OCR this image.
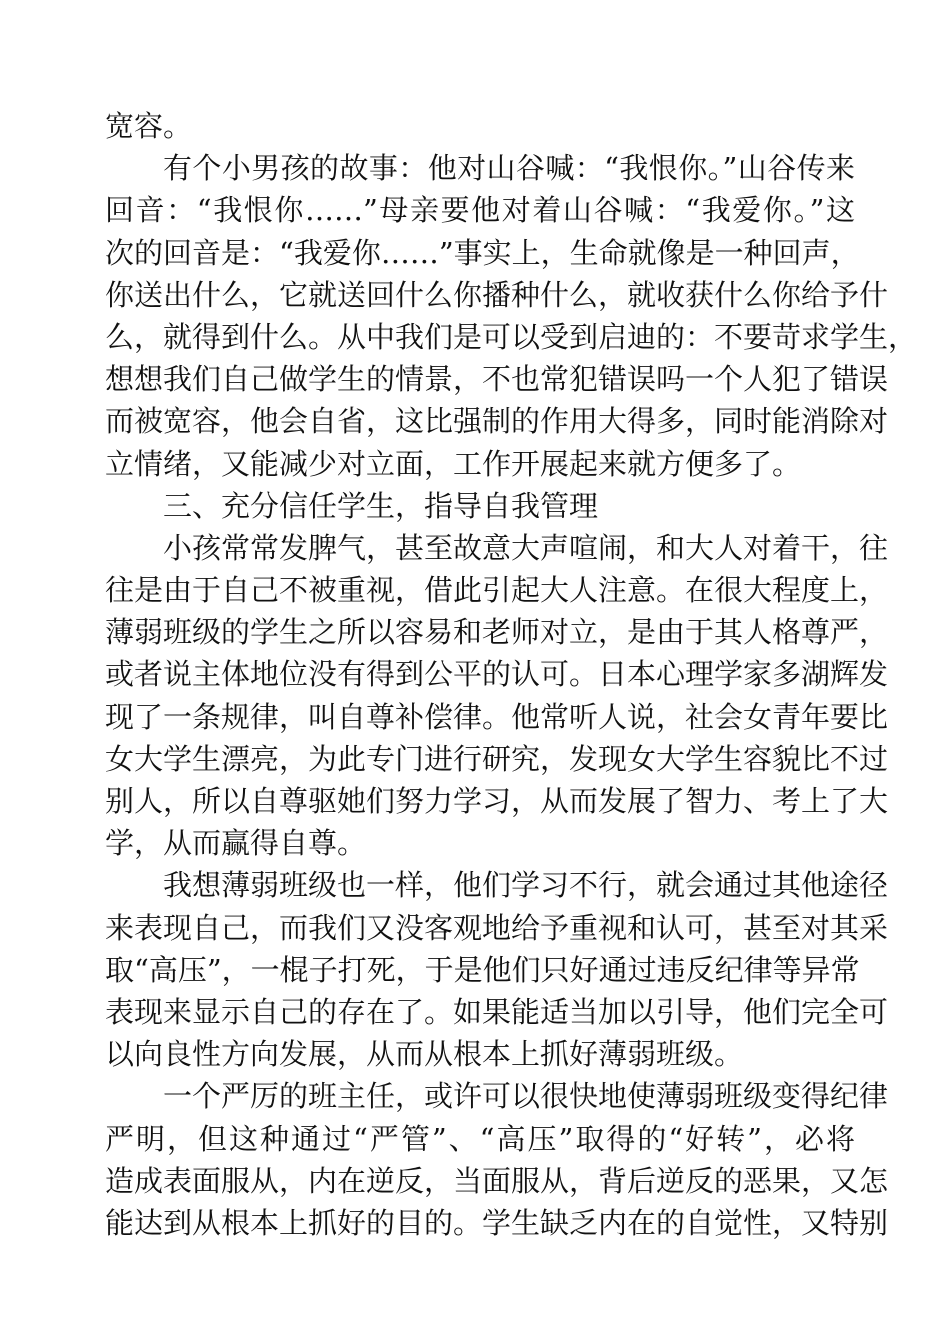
宽容。
有个小男孩的故事：他对山谷喊：“我恨你。”山谷传来
回音：“我恨你……”母亲要他对着山谷喊：“我爱你。”这
次的回音是：“我爱你……”事实上，生命就像是一种回声，
你送出什么，它就送回什么你播种什么，就收获什么你给予什
么，就得到什么。从中我们是可以受到启迪的：不要苛求学生，
想想我们自己做学生的情景，不也常犯错误吗一个人犯了错误
而被宽容，他会自省，这比强制的作用大得多，同时能消除对
立情绪，又能减少对立面，工作开展起来就方便多了。
三、充分信任学生，指导自我管理
小孩常常发脾气，甚至故意大声喧闹，和大人对着干，往
往是由于自己不被重视，借此引起大人注意。在很大程度上，
薄弱班级的学生之所以容易和老师对立，是由于其人格尊严，
或者说主体地位没有得到公平的认可。日本心理学家多湖辉发
现了一条规律，叫自尊补偿律。他常听人说，社会女青年要比
女大学生漂亮，为此专门进行研究，发现女大学生容貌比不过
别人，所以自尊驱她们努力学习，从而发展了智力、考上了大
学，从而赢得自尊。
我想薄弱班级也一样，他们学习不行，就会通过其他途径
来表现自己，而我们又没客观地给予重视和认可，甚至对其采
取“高压”，一棍子打死，于是他们只好通过违反纪律等异常
表现来显示自己的存在了。如果能适当加以引导，他们完全可
以向良性方向发展，从而从根本上抓好薄弱班级。
一个严厉的班主任，或许可以很快地使薄弱班级变得纪律
严明，但这种通过“严管”、“高压”取得的“好转”，必将
造成表面服从，内在逆反，当面服从，背后逆反的恶果，又怎
能达到从根本上抓好的目的。学生缺乏内在的自觉性，又特别
